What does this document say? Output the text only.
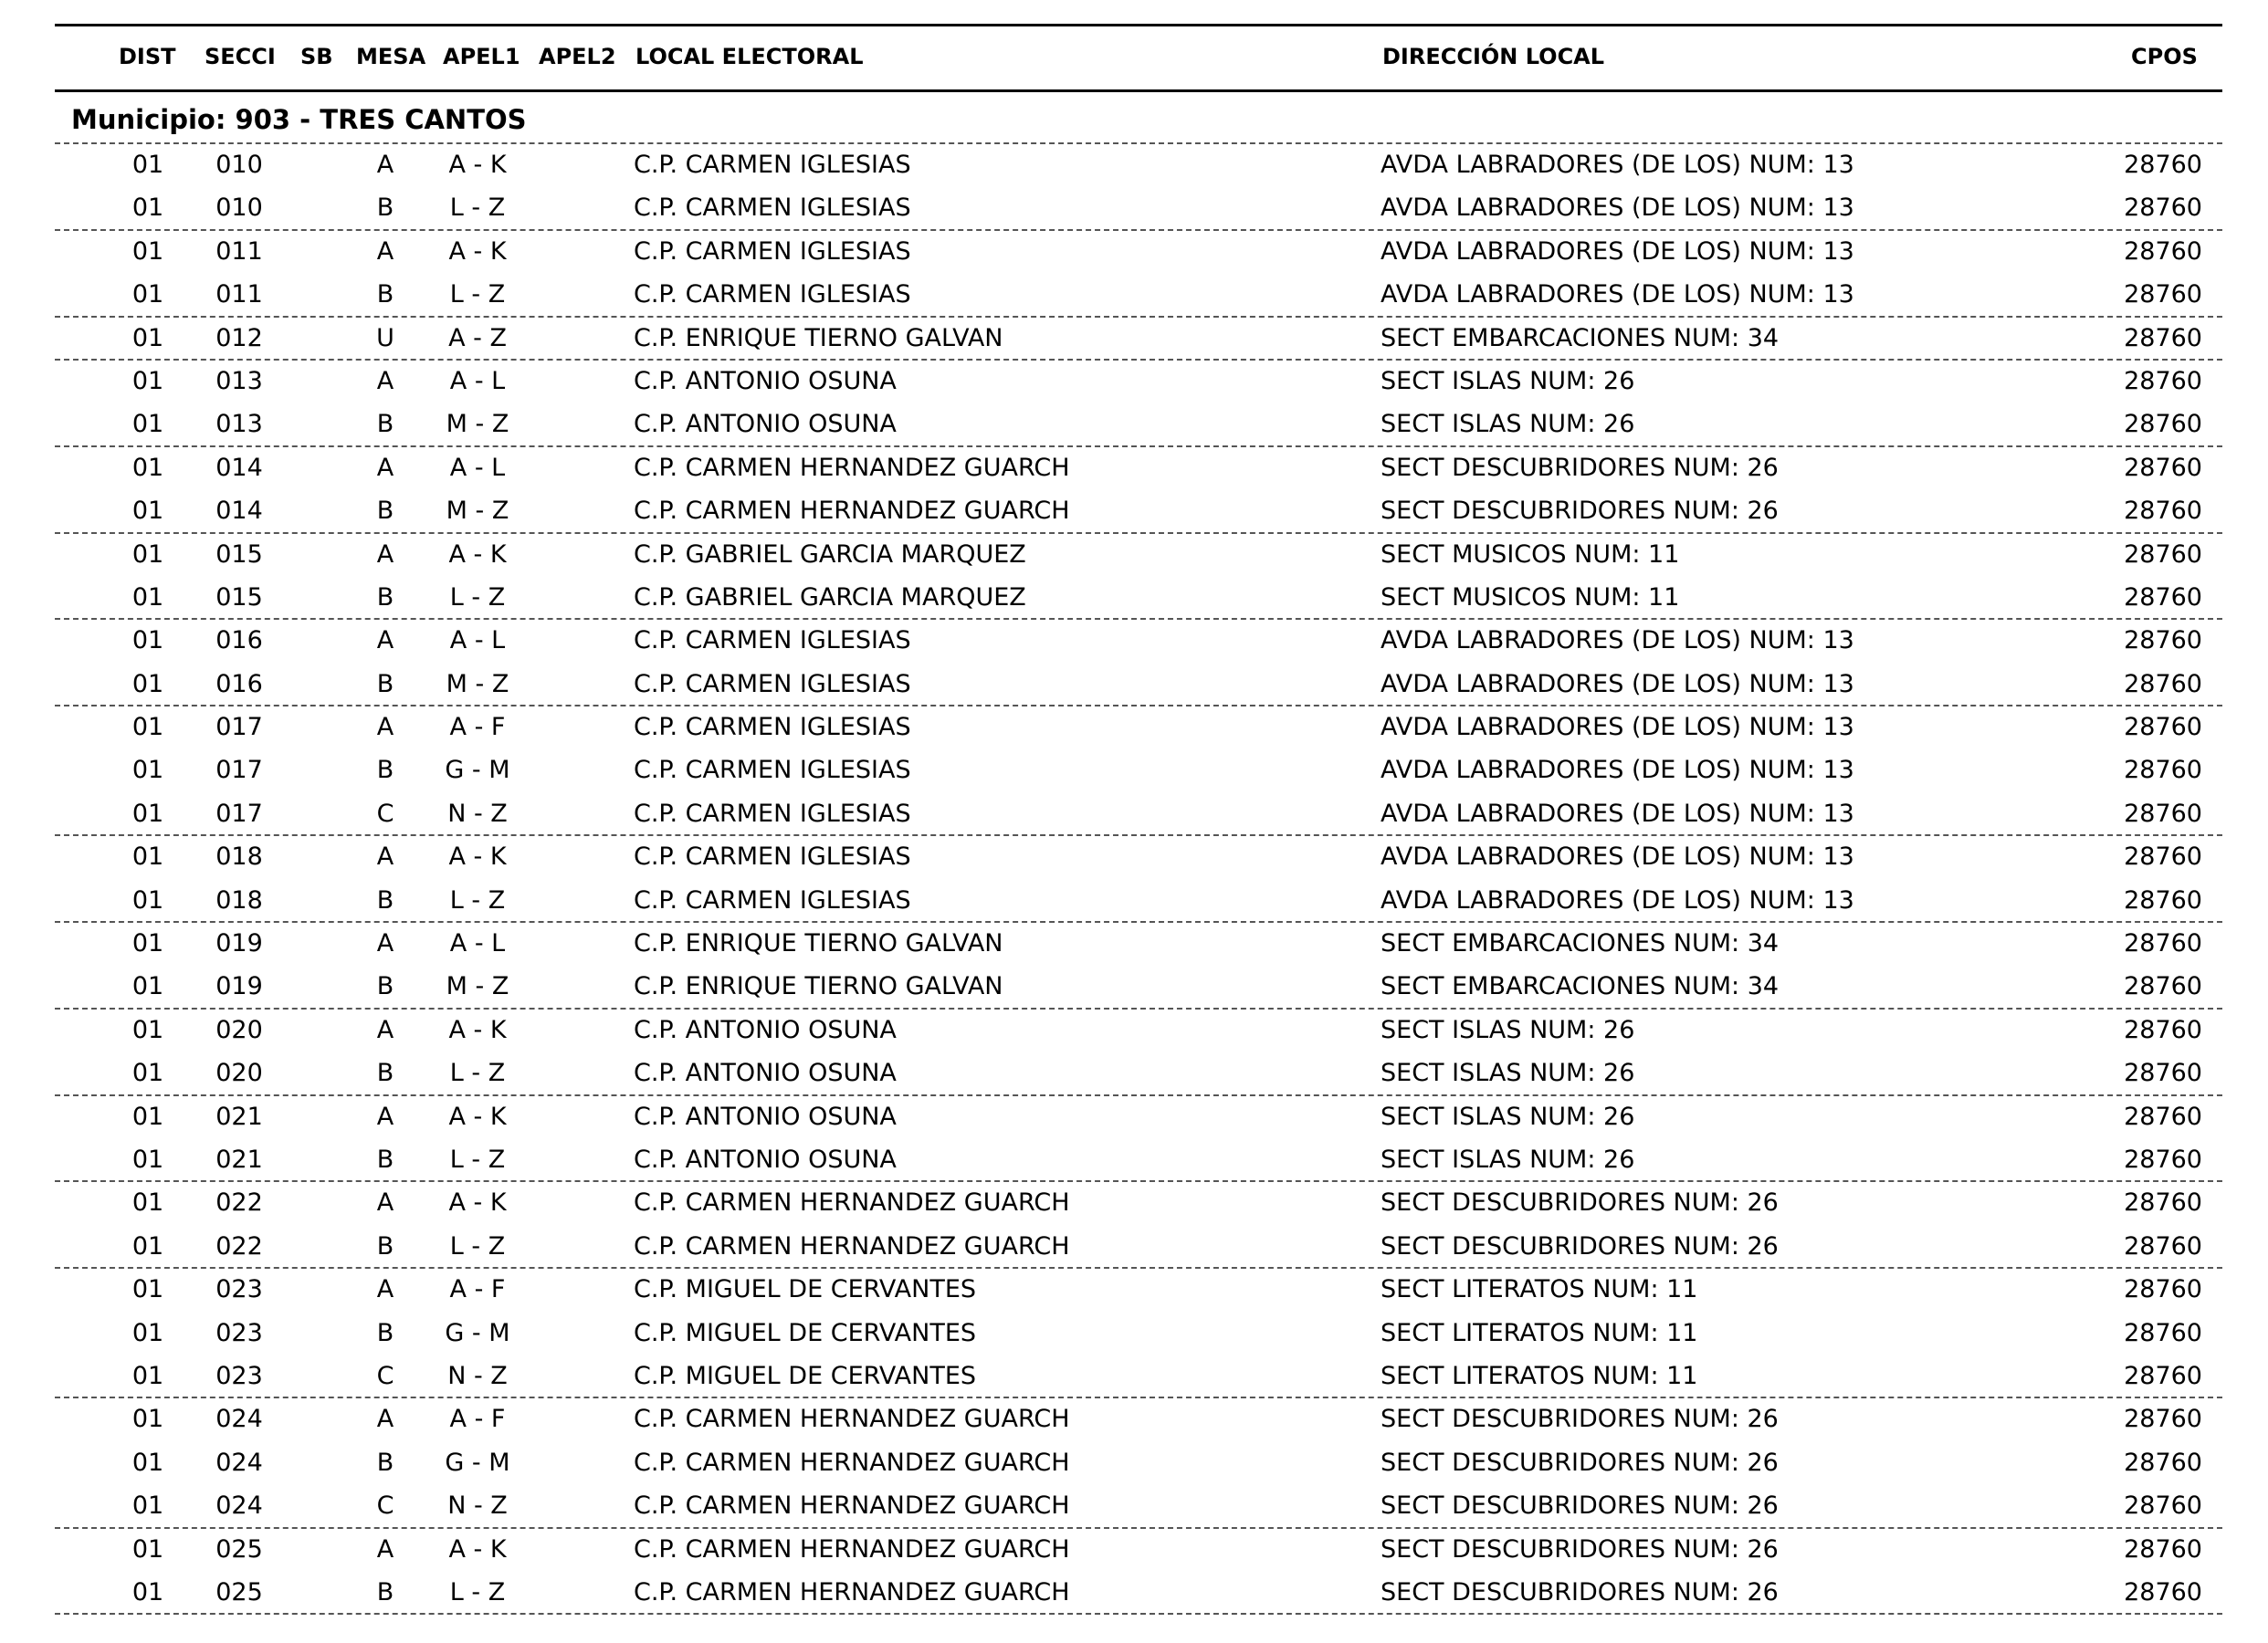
DIST SECCI SB MESA APEL1 APEL2 LOCAL ELECTORAL	DIRECCIÓN LOCAL	CPOS
Municipio: 903 - TRES CANTOS
01 010	A	A - K	C.P. CARMEN IGLESIAS	AVDA LABRADORES (DE LOS) NUM: 13	28760
01 010	B	L - Z	C.P. CARMEN IGLESIAS	AVDA LABRADORES (DE LOS) NUM: 13	28760
01 011	A	A - K	C.P. CARMEN IGLESIAS	AVDA LABRADORES (DE LOS) NUM: 13	28760
01 011	B	L - Z	C.P. CARMEN IGLESIAS	AVDA LABRADORES (DE LOS) NUM: 13	28760
01 012	U	A - Z	C.P. ENRIQUE TIERNO GALVAN	SECT EMBARCACIONES NUM: 34	28760
01 013	A	A - L	C.P. ANTONIO OSUNA	SECT ISLAS NUM: 26	28760
01 013	B	M - Z	C.P. ANTONIO OSUNA	SECT ISLAS NUM: 26	28760
01 014	A	A - L	C.P. CARMEN HERNANDEZ GUARCH	SECT DESCUBRIDORES NUM: 26	28760
01 014	B	M - Z	C.P. CARMEN HERNANDEZ GUARCH	SECT DESCUBRIDORES NUM: 26	28760
01 015	A	A - K	C.P. GABRIEL GARCIA MARQUEZ	SECT MUSICOS NUM: 11	28760
01 015	B	L - Z	C.P. GABRIEL GARCIA MARQUEZ	SECT MUSICOS NUM: 11	28760
01 016	A	A - L	C.P. CARMEN IGLESIAS	AVDA LABRADORES (DE LOS) NUM: 13	28760
01 016	B	M - Z	C.P. CARMEN IGLESIAS	AVDA LABRADORES (DE LOS) NUM: 13	28760
01 017	A	A - F	C.P. CARMEN IGLESIAS	AVDA LABRADORES (DE LOS) NUM: 13	28760
01 017	B	G - M	C.P. CARMEN IGLESIAS	AVDA LABRADORES (DE LOS) NUM: 13	28760
01 017	C	N - Z	C.P. CARMEN IGLESIAS	AVDA LABRADORES (DE LOS) NUM: 13	28760
01 018	A	A - K	C.P. CARMEN IGLESIAS	AVDA LABRADORES (DE LOS) NUM: 13	28760
01 018	B	L - Z	C.P. CARMEN IGLESIAS	AVDA LABRADORES (DE LOS) NUM: 13	28760
01 019	A	A - L	C.P. ENRIQUE TIERNO GALVAN	SECT EMBARCACIONES NUM: 34	28760
01 019	B	M - Z	C.P. ENRIQUE TIERNO GALVAN	SECT EMBARCACIONES NUM: 34	28760
01 020	A	A - K	C.P. ANTONIO OSUNA	SECT ISLAS NUM: 26	28760
01 020	B	L - Z	C.P. ANTONIO OSUNA	SECT ISLAS NUM: 26	28760
01 021	A	A - K	C.P. ANTONIO OSUNA	SECT ISLAS NUM: 26	28760
01 021	B	L - Z	C.P. ANTONIO OSUNA	SECT ISLAS NUM: 26	28760
01 022	A	A - K	C.P. CARMEN HERNANDEZ GUARCH	SECT DESCUBRIDORES NUM: 26	28760
01 022	B	L - Z	C.P. CARMEN HERNANDEZ GUARCH	SECT DESCUBRIDORES NUM: 26	28760
01 023	A	A - F	C.P. MIGUEL DE CERVANTES	SECT LITERATOS NUM: 11	28760
01 023	B	G - M	C.P. MIGUEL DE CERVANTES	SECT LITERATOS NUM: 11	28760
01 023	C	N - Z	C.P. MIGUEL DE CERVANTES	SECT LITERATOS NUM: 11	28760
01 024	A	A - F	C.P. CARMEN HERNANDEZ GUARCH	SECT DESCUBRIDORES NUM: 26	28760
01 024	B	G - M	C.P. CARMEN HERNANDEZ GUARCH	SECT DESCUBRIDORES NUM: 26	28760
01 024	C	N - Z	C.P. CARMEN HERNANDEZ GUARCH	SECT DESCUBRIDORES NUM: 26	28760
01 025	A	A - K	C.P. CARMEN HERNANDEZ GUARCH	SECT DESCUBRIDORES NUM: 26	28760
01 025	B	L - Z	C.P. CARMEN HERNANDEZ GUARCH	SECT DESCUBRIDORES NUM: 26	28760
